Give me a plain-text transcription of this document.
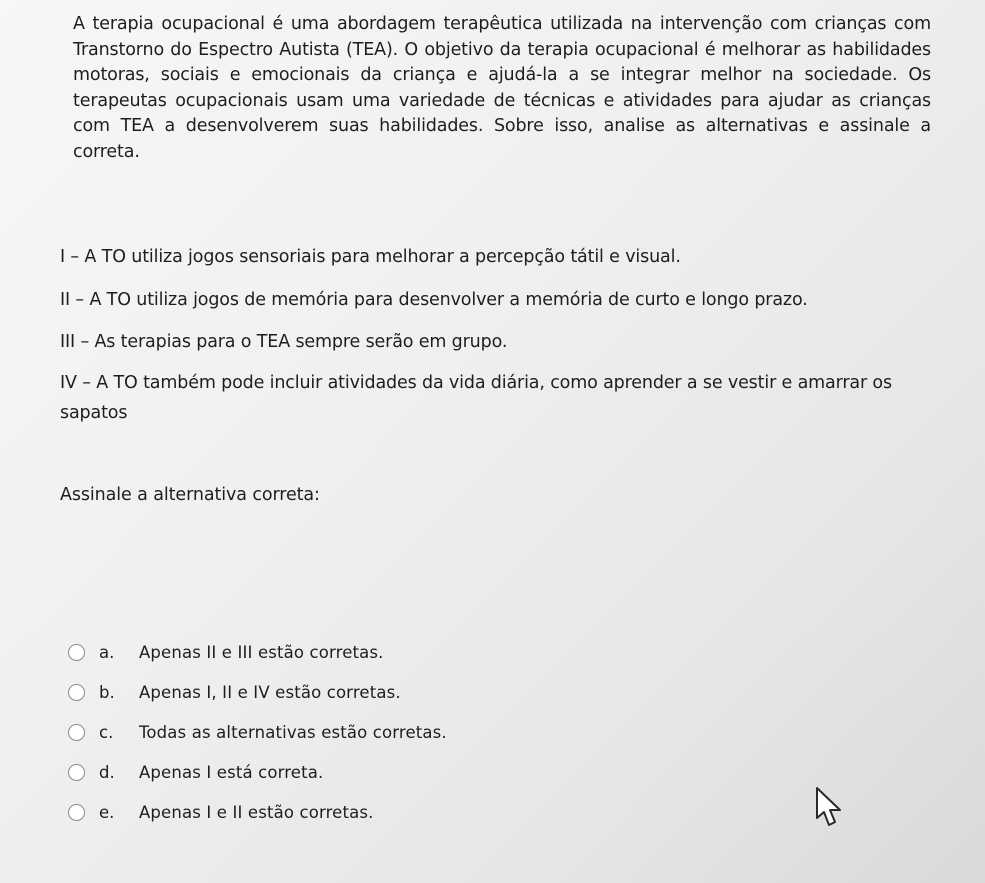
A terapia ocupacional é uma abordagem terapêutica utilizada na intervenção com crianças com Transtorno do Espectro Autista (TEA). O objetivo da terapia ocupacional é melhorar as habilidades motoras, sociais e emocionais da criança e ajudá-la a se integrar melhor na sociedade. Os terapeutas ocupacionais usam uma variedade de técnicas e atividades para ajudar as crianças com TEA a desenvolverem suas habilidades. Sobre isso, analise as alternativas e assinale a correta.
I – A TO utiliza jogos sensoriais para melhorar a percepção tátil e visual.
II – A TO utiliza jogos de memória para desenvolver a memória de curto e longo prazo.
III – As terapias para o TEA sempre serão em grupo.
IV – A TO também pode incluir atividades da vida diária, como aprender a se vestir e amarrar os sapatos
Assinale a alternativa correta:
a.	Apenas II e III estão corretas.
b.	Apenas I, II e IV estão corretas.
c.	Todas as alternativas estão corretas.
d.	Apenas I está correta.
e.	Apenas I e II estão corretas.
